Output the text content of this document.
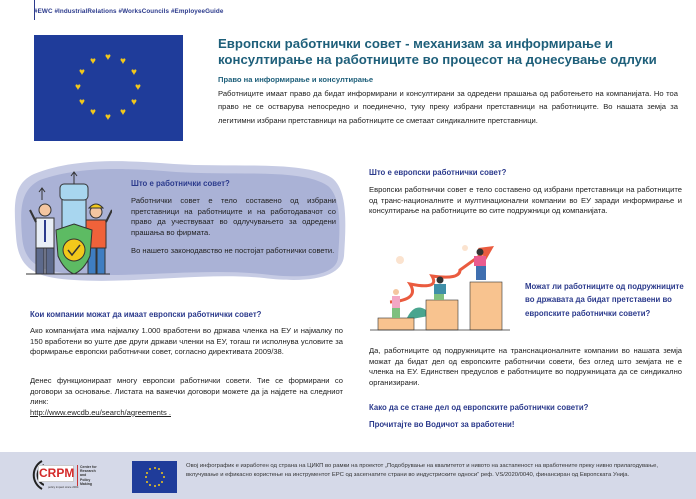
#EWC #IndustrialRelations #WorksCouncils #EmployeeGuide
♥ ♥
♥
♥
♥
♥
♥
♥
♥
♥
♥
♥
Европски работнички совет - механизам за информирање и консултирање на работниците во процесот на донесување одлуки
Право на информирање и консултирање
Работниците имаат право да бидат информирани и консултирани за одредени прашања од работењето на компанијата. Но тоа право не се остварува непосредно и поединечно, туку преку избрани претставници на работниците. Во нашата земја за легитимни избрани претставници на работниците се сметаат синдикалните претставници.
Што е работнички совет?
Работнички совет е тело составено од избрани претставници на работниците и на работодавачот со право да учествуваат во одлучувањето за одредени прашања во фирмата.
Во нашето законодавство не постојат работнички совети.
Што е европски работнички совет?
Европски работнички совет е тело составено од избрани претставници на работниците од транс-националните и мултинационални компании во ЕУ заради информирање и консултирање на работниците во сите подружници од компанијата.
Можат ли работниците од подружниците во државата да бидат претставени во европските работнички совети?
Да, работниците од подружниците на транснационалните компании во нашата земја можат да бидат дел од европските работнички совети, без оглед што земјата не е членка на ЕУ. Единствен предуслов е работниците во подружницата да се синдикално организирани.
Како да се стане дел од европските работнички совети?
Прочитајте во Водичот за вработени!
Кои компании можат да имаат европски работнички совет?
Ако компанијата има најмалку 1.000 вработени во држава членка на ЕУ и најмалку по 150 вработени во уште две други држави членки на ЕУ, тогаш ги исполнува условите за формирање европски работнички совет, согласно директивата 2009/38.
Денес функционираат многу европски работнички совети. Тие се формирани со договори за основање. Листата на важечки договори можете да ја најдете на следниот линк:
http://www.ewcdb.eu/search/agreements .
CRPM	Center for Research and Policy Making
policy impact since 2004
Овој инфографик е изработен од страна на ЦИКП во рамки на проектот „Подобрување на квалитетот и нивото на застапеност на вработените преку нивно прилагодување, вклучување и ефикасно користење на инструментот ЕРС од засегнатите страни во индустриските односи“ реф. VS/2020/0040, финансиран од Европската Унија.
